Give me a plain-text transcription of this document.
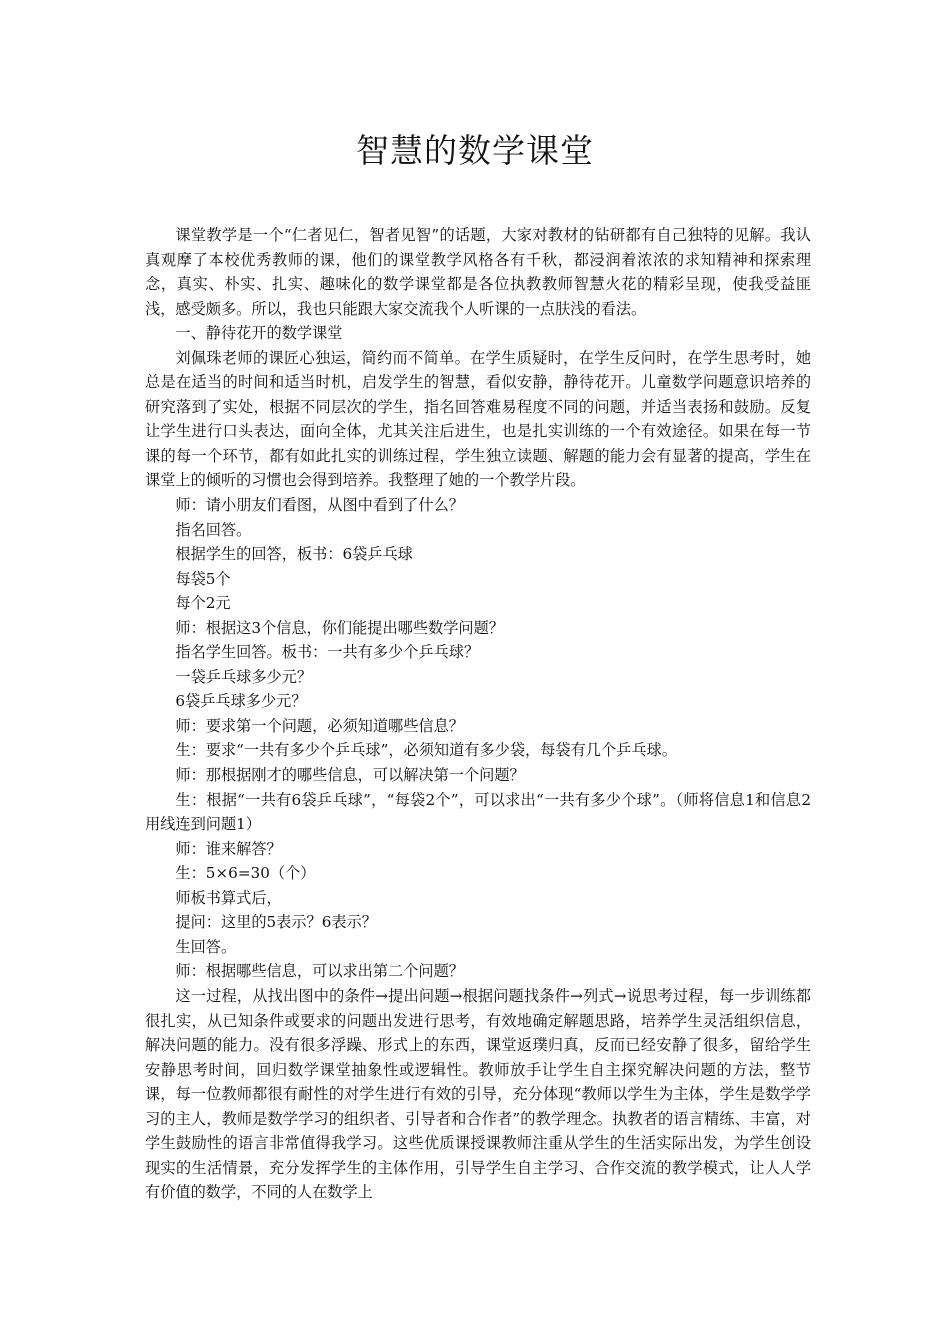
智慧的数学课堂

课堂教学是一个“仁者见仁，智者见智”的话题，大家对教材的钻研都有自己独特的见解。我认真观摩了本校优秀教师的课，他们的课堂教学风格各有千秋，都浸润着浓浓的求知精神和探索理念，真实、朴实、扎实、趣味化的数学课堂都是各位执教教师智慧火花的精彩呈现，使我受益匪浅，感受颇多。所以，我也只能跟大家交流我个人听课的一点肤浅的看法。

一、静待花开的数学课堂

刘佩珠老师的课匠心独运，简约而不简单。在学生质疑时，在学生反问时，在学生思考时，她总是在适当的时间和适当时机，启发学生的智慧，看似安静，静待花开。儿童数学问题意识培养的研究落到了实处，根据不同层次的学生，指名回答难易程度不同的问题，并适当表扬和鼓励。反复让学生进行口头表达，面向全体，尤其关注后进生，也是扎实训练的一个有效途径。如果在每一节课的每一个环节，都有如此扎实的训练过程，学生独立读题、解题的能力会有显著的提高，学生在课堂上的倾听的习惯也会得到培养。我整理了她的一个教学片段。

师：请小朋友们看图，从图中看到了什么？

指名回答。

根据学生的回答，板书：6袋乒乓球

每袋5个

每个2元

师：根据这3个信息，你们能提出哪些数学问题？

指名学生回答。板书：一共有多少个乒乓球？

一袋乒乓球多少元？

6袋乒乓球多少元？

师：要求第一个问题，必须知道哪些信息？

生：要求“一共有多少个乒乓球”，必须知道有多少袋，每袋有几个乒乓球。

师：那根据刚才的哪些信息，可以解决第一个问题？

生：根据“一共有6袋乒乓球”，“每袋2个”，可以求出“一共有多少个球”。（师将信息1和信息2用线连到问题1）

师：谁来解答？

生：5×6=30（个）

师板书算式后，

提问：这里的5表示？6表示？

生回答。

师：根据哪些信息，可以求出第二个问题？

这一过程，从找出图中的条件→提出问题→根据问题找条件→列式→说思考过程，每一步训练都很扎实，从已知条件或要求的问题出发进行思考，有效地确定解题思路，培养学生灵活组织信息，解决问题的能力。没有很多浮躁、形式上的东西，课堂返璞归真，反而已经安静了很多，留给学生安静思考时间，回归数学课堂抽象性或逻辑性。教师放手让学生自主探究解决问题的方法，整节课，每一位教师都很有耐性的对学生进行有效的引导，充分体现“教师以学生为主体，学生是数学学习的主人，教师是数学学习的组织者、引导者和合作者”的教学理念。执教者的语言精练、丰富，对学生鼓励性的语言非常值得我学习。这些优质课授课教师注重从学生的生活实际出发，为学生创设现实的生活情景，充分发挥学生的主体作用，引导学生自主学习、合作交流的教学模式，让人人学有价值的数学，不同的人在数学上
